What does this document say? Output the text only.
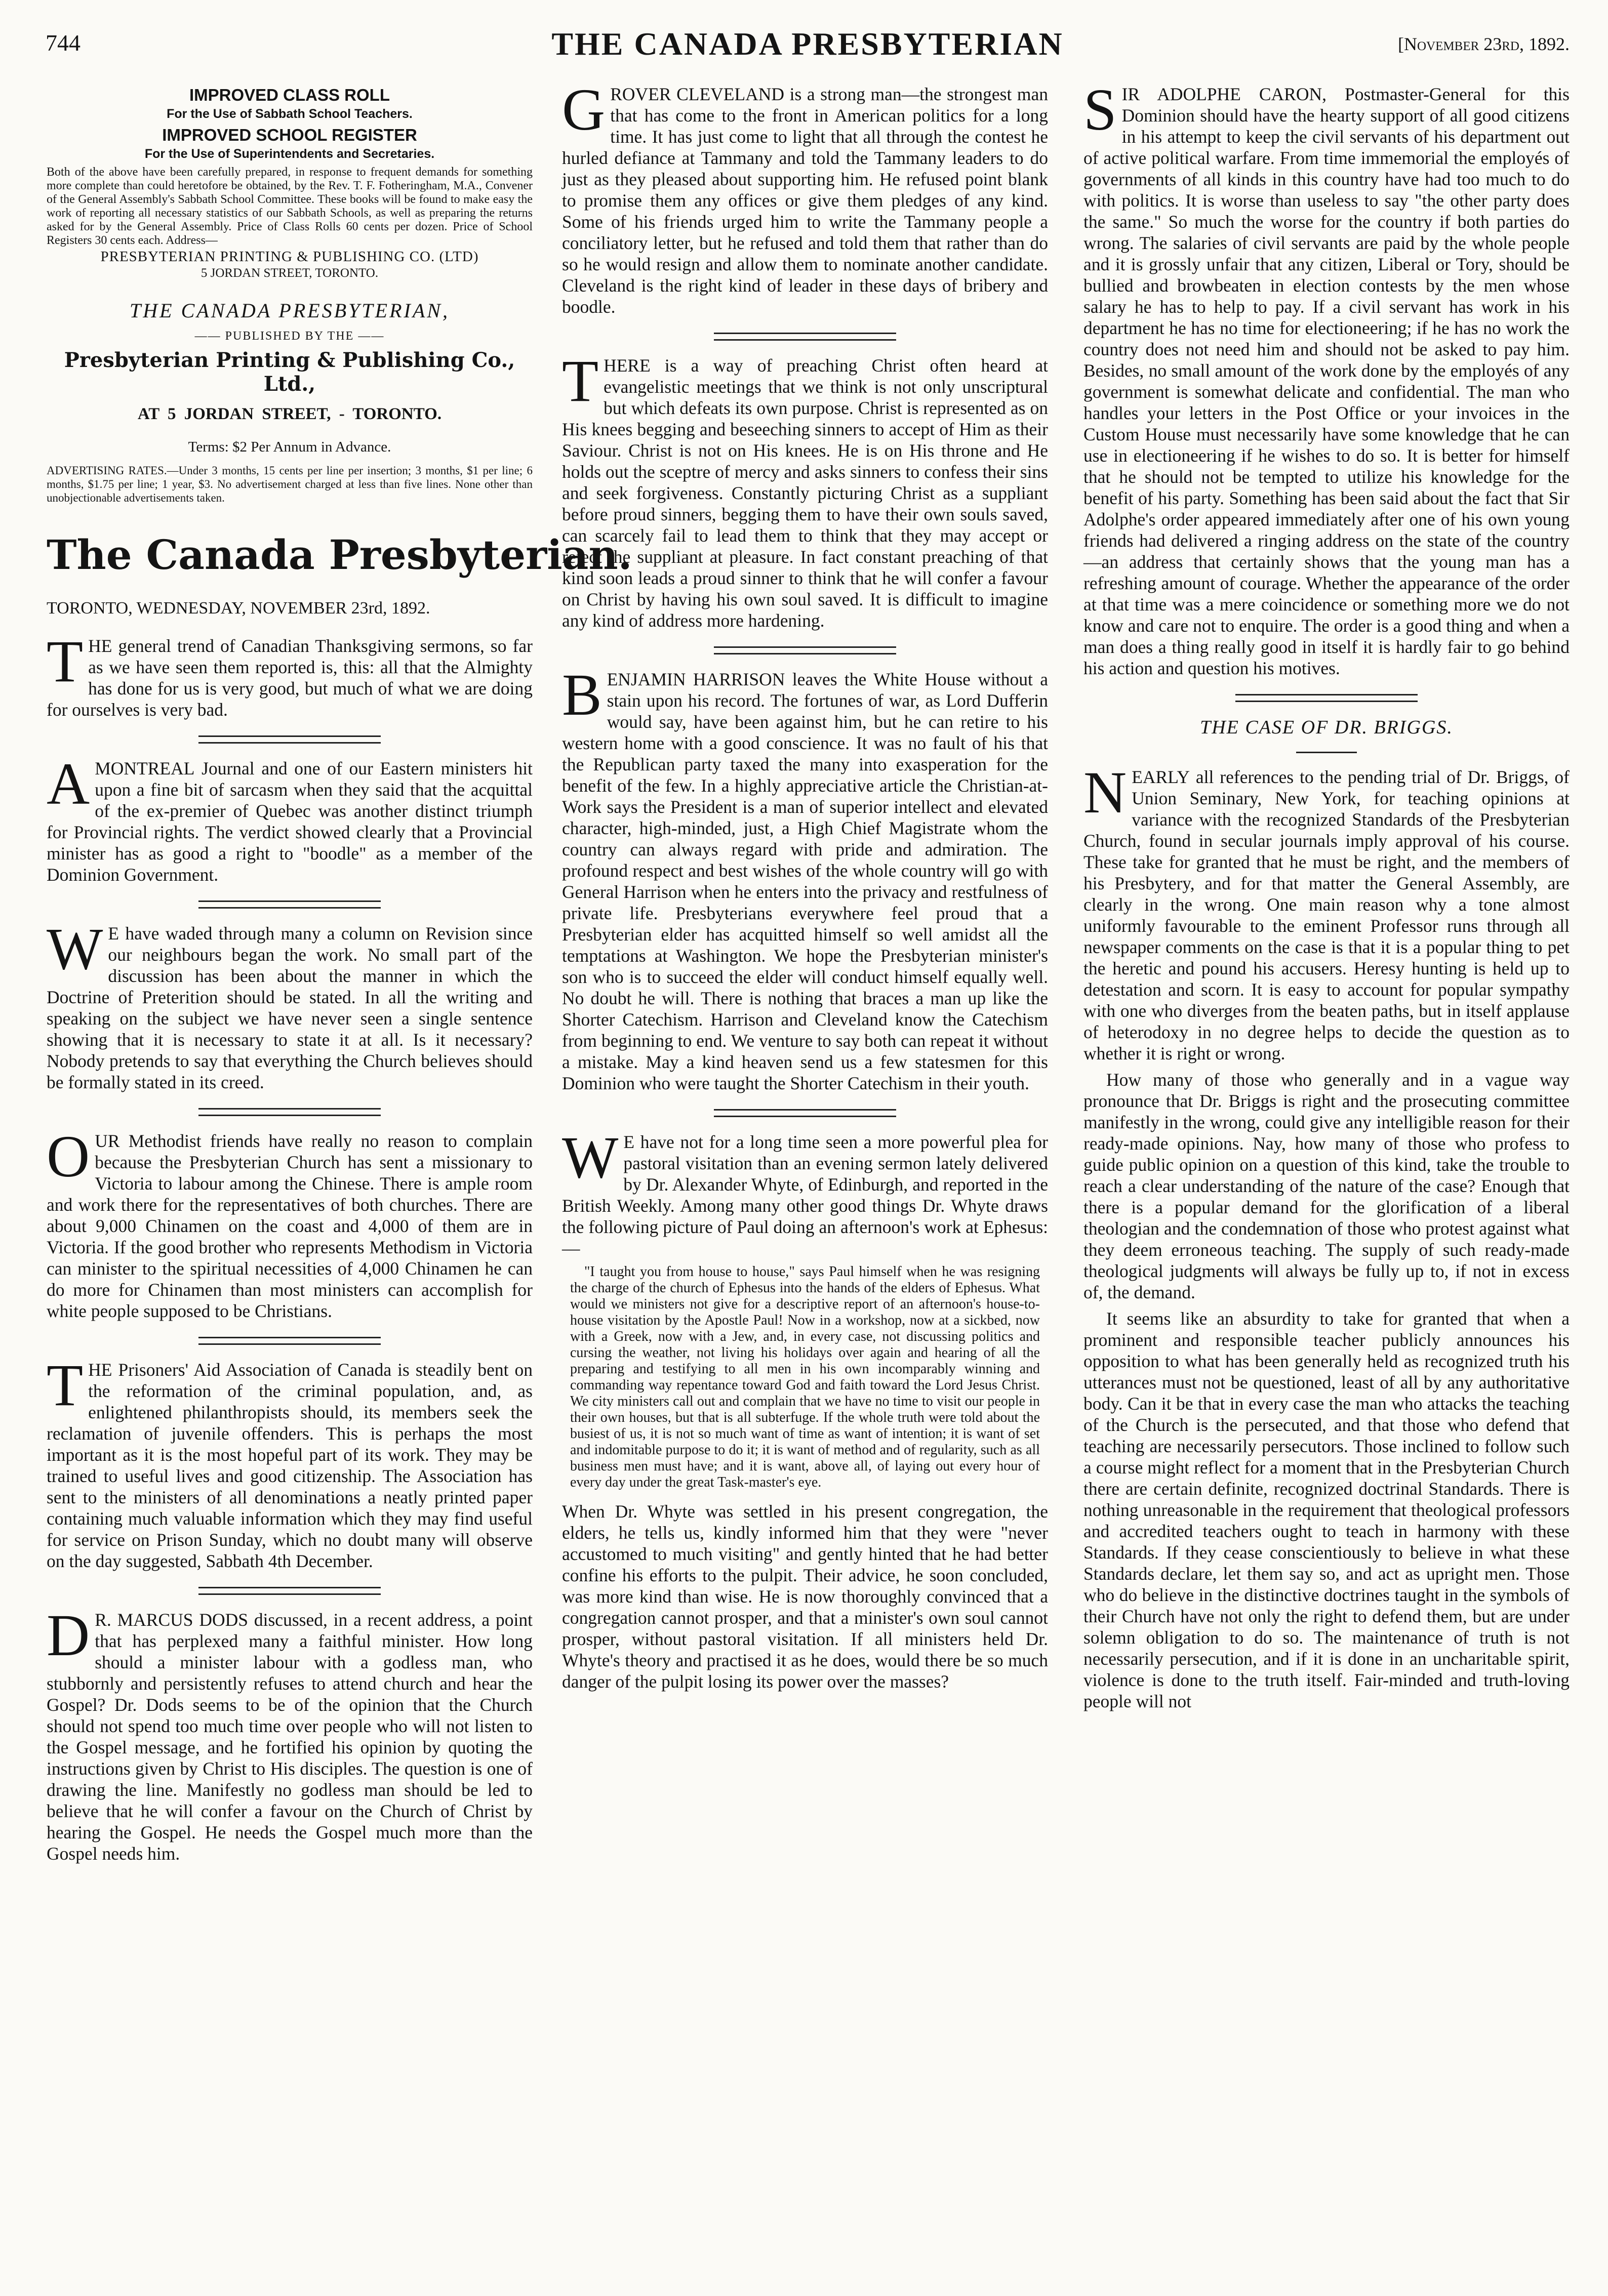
744	THE CANADA PRESBYTERIAN	[November 23rd, 1892.
IMPROVED CLASS ROLL
For the Use of Sabbath School Teachers.
IMPROVED SCHOOL REGISTER
For the Use of Superintendents and Secretaries.

Both of the above have been carefully prepared, in response to frequent demands for something more complete than could heretofore be obtained, by the Rev. T. F. Fotheringham, M.A., Convener of the General Assembly's Sabbath School Committee. These books will be found to make easy the work of reporting all necessary statistics of our Sabbath Schools, as well as preparing the returns asked for by the General Assembly. Price of Class Rolls 60 cents per dozen. Price of School Registers 30 cents each. Address—

PRESBYTERIAN PRINTING & PUBLISHING CO. (LTD)
5 JORDAN STREET, TORONTO.
THE CANADA PRESBYTERIAN,
—— PUBLISHED BY THE ——
Presbyterian Printing & Publishing Co., Ltd.,
AT 5 JORDAN STREET, - TORONTO.
Terms: $2 Per Annum in Advance.
ADVERTISING RATES.—Under 3 months, 15 cents per line per insertion; 3 months, $1 per line; 6 months, $1.75 per line; 1 year, $3. No advertisement charged at less than five lines. None other than unobjectionable advertisements taken.
The Canada Presbyterian.
TORONTO, WEDNESDAY, NOVEMBER 23rd, 1892.

THE general trend of Canadian Thanksgiving sermons, so far as we have seen them reported is, this: all that the Almighty has done for us is very good, but much of what we are doing for ourselves is very bad.

A MONTREAL Journal and one of our Eastern ministers hit upon a fine bit of sarcasm when they said that the acquittal of the ex-premier of Quebec was another distinct triumph for Provincial rights. The verdict showed clearly that a Provincial minister has as good a right to "boodle" as a member of the Dominion Government.

W E have waded through many a column on Revision since our neighbours began the work. No small part of the discussion has been about the manner in which the Doctrine of Preterition should be stated. In all the writing and speaking on the subject we have never seen a single sentence showing that it is necessary to state it at all. Is it necessary? Nobody pretends to say that everything the Church believes should be formally stated in its creed.

OUR Methodist friends have really no reason to complain because the Presbyterian Church has sent a missionary to Victoria to labour among the Chinese. There is ample room and work there for the representatives of both churches. There are about 9,000 Chinamen on the coast and 4,000 of them are in Victoria. If the good brother who represents Methodism in Victoria can minister to the spiritual necessities of 4,000 Chinamen he can do more for Chinamen than most ministers can accomplish for white people supposed to be Christians.

THE Prisoners' Aid Association of Canada is steadily bent on the reformation of the criminal population, and, as enlightened philanthropists should, its members seek the reclamation of juvenile offenders. This is perhaps the most important as it is the most hopeful part of its work. They may be trained to useful lives and good citizenship. The Association has sent to the ministers of all denominations a neatly printed paper containing much valuable information which they may find useful for service on Prison Sunday, which no doubt many will observe on the day suggested, Sabbath 4th December.

D R. MARCUS DODS discussed, in a recent address, a point that has perplexed many a faithful minister. How long should a minister labour with a godless man, who stubbornly and persistently refuses to attend church and hear the Gospel? Dr. Dods seems to be of the opinion that the Church should not spend too much time over people who will not listen to the Gospel message, and he fortified his opinion by quoting the instructions given by Christ to His disciples. The question is one of drawing the line. Manifestly no godless man should be led to believe that he will confer a favour on the Church of Christ by hearing the Gospel. He needs the Gospel much more than the Gospel needs him.

GROVER CLEVELAND is a strong man—the strongest man that has come to the front in American politics for a long time. It has just come to light that all through the contest he hurled defiance at Tammany and told the Tammany leaders to do just as they pleased about supporting him. He refused point blank to promise them any offices or give them pledges of any kind. Some of his friends urged him to write the Tammany people a conciliatory letter, but he refused and told them that rather than do so he would resign and allow them to nominate another candidate. Cleveland is the right kind of leader in these days of bribery and boodle.

THERE is a way of preaching Christ often heard at evangelistic meetings that we think is not only unscriptural but which defeats its own purpose. Christ is represented as on His knees begging and beseeching sinners to accept of Him as their Saviour. Christ is not on His knees. He is on His throne and He holds out the sceptre of mercy and asks sinners to confess their sins and seek forgiveness. Constantly picturing Christ as a suppliant before proud sinners, begging them to have their own souls saved, can scarcely fail to lead them to think that they may accept or reject the suppliant at pleasure. In fact constant preaching of that kind soon leads a proud sinner to think that he will confer a favour on Christ by having his own soul saved. It is difficult to imagine any kind of address more hardening.

BENJAMIN HARRISON leaves the White House without a stain upon his record. The fortunes of war, as Lord Dufferin would say, have been against him, but he can retire to his western home with a good conscience. It was no fault of his that the Republican party taxed the many into exasperation for the benefit of the few. In a highly appreciative article the Christian-at-Work says the President is a man of superior intellect and elevated character, high-minded, just, a High Chief Magistrate whom the country can always regard with pride and admiration. The profound respect and best wishes of the whole country will go with General Harrison when he enters into the privacy and restfulness of private life. Presbyterians everywhere feel proud that a Presbyterian elder has acquitted himself so well amidst all the temptations at Washington. We hope the Presbyterian minister's son who is to succeed the elder will conduct himself equally well. No doubt he will. There is nothing that braces a man up like the Shorter Catechism. Harrison and Cleveland know the Catechism from beginning to end. We venture to say both can repeat it without a mistake. May a kind heaven send us a few statesmen for this Dominion who were taught the Shorter Catechism in their youth.

W E have not for a long time seen a more powerful plea for pastoral visitation than an evening sermon lately delivered by Dr. Alexander Whyte, of Edinburgh, and reported in the British Weekly. Among many other good things Dr. Whyte draws the following picture of Paul doing an afternoon's work at Ephesus:—

"I taught you from house to house," says Paul himself when he was resigning the charge of the church of Ephesus into the hands of the elders of Ephesus. What would we ministers not give for a descriptive report of an afternoon's house-to-house visitation by the Apostle Paul! Now in a workshop, now at a sickbed, now with a Greek, now with a Jew, and, in every case, not discussing politics and cursing the weather, not living his holidays over again and hearing of all the preparing and testifying to all men in his own incomparably winning and commanding way repentance toward God and faith toward the Lord Jesus Christ. We city ministers call out and complain that we have no time to visit our people in their own houses, but that is all subterfuge. If the whole truth were told about the busiest of us, it is not so much want of time as want of intention; it is want of set and indomitable purpose to do it; it is want of method and of regularity, such as all business men must have; and it is want, above all, of laying out every hour of every day under the great Task-master's eye.

When Dr. Whyte was settled in his present congregation, the elders, he tells us, kindly informed him that they were "never accustomed to much visiting" and gently hinted that he had better confine his efforts to the pulpit. Their advice, he soon concluded, was more kind than wise. He is now thoroughly convinced that a congregation cannot prosper, and that a minister's own soul cannot prosper, without pastoral visitation. If all ministers held Dr. Whyte's theory and practised it as he does, would there be so much danger of the pulpit losing its power over the masses?

SIR ADOLPHE CARON, Postmaster-General for this Dominion should have the hearty support of all good citizens in his attempt to keep the civil servants of his department out of active political warfare. From time immemorial the employés of governments of all kinds in this country have had too much to do with politics. It is worse than useless to say "the other party does the same." So much the worse for the country if both parties do wrong. The salaries of civil servants are paid by the whole people and it is grossly unfair that any citizen, Liberal or Tory, should be bullied and browbeaten in election contests by the men whose salary he has to help to pay. If a civil servant has work in his department he has no time for electioneering; if he has no work the country does not need him and should not be asked to pay him. Besides, no small amount of the work done by the employés of any government is somewhat delicate and confidential. The man who handles your letters in the Post Office or your invoices in the Custom House must necessarily have some knowledge that he can use in electioneering if he wishes to do so. It is better for himself that he should not be tempted to utilize his knowledge for the benefit of his party. Something has been said about the fact that Sir Adolphe's order appeared immediately after one of his own young friends had delivered a ringing address on the state of the country—an address that certainly shows that the young man has a refreshing amount of courage. Whether the appearance of the order at that time was a mere coincidence or something more we do not know and care not to enquire. The order is a good thing and when a man does a thing really good in itself it is hardly fair to go behind his action and question his motives.

THE CASE OF DR. BRIGGS.

NEARLY all references to the pending trial of Dr. Briggs, of Union Seminary, New York, for teaching opinions at variance with the recognized Standards of the Presbyterian Church, found in secular journals imply approval of his course. These take for granted that he must be right, and the members of his Presbytery, and for that matter the General Assembly, are clearly in the wrong. One main reason why a tone almost uniformly favourable to the eminent Professor runs through all newspaper comments on the case is that it is a popular thing to pet the heretic and pound his accusers. Heresy hunting is held up to detestation and scorn. It is easy to account for popular sympathy with one who diverges from the beaten paths, but in itself applause of heterodoxy in no degree helps to decide the question as to whether it is right or wrong.

How many of those who generally and in a vague way pronounce that Dr. Briggs is right and the prosecuting committee manifestly in the wrong, could give any intelligible reason for their ready-made opinions. Nay, how many of those who profess to guide public opinion on a question of this kind, take the trouble to reach a clear understanding of the nature of the case? Enough that there is a popular demand for the glorification of a liberal theologian and the condemnation of those who protest against what they deem erroneous teaching. The supply of such ready-made theological judgments will always be fully up to, if not in excess of, the demand.

It seems like an absurdity to take for granted that when a prominent and responsible teacher publicly announces his opposition to what has been generally held as recognized truth his utterances must not be questioned, least of all by any authoritative body. Can it be that in every case the man who attacks the teaching of the Church is the persecuted, and that those who defend that teaching are necessarily persecutors. Those inclined to follow such a course might reflect for a moment that in the Presbyterian Church there are certain definite, recognized doctrinal Standards. There is nothing unreasonable in the requirement that theological professors and accredited teachers ought to teach in harmony with these Standards. If they cease conscientiously to believe in what these Standards declare, let them say so, and act as upright men. Those who do believe in the distinctive doctrines taught in the symbols of their Church have not only the right to defend them, but are under solemn obligation to do so. The maintenance of truth is not necessarily persecution, and if it is done in an uncharitable spirit, violence is done to the truth itself. Fair-minded and truth-loving people will not
